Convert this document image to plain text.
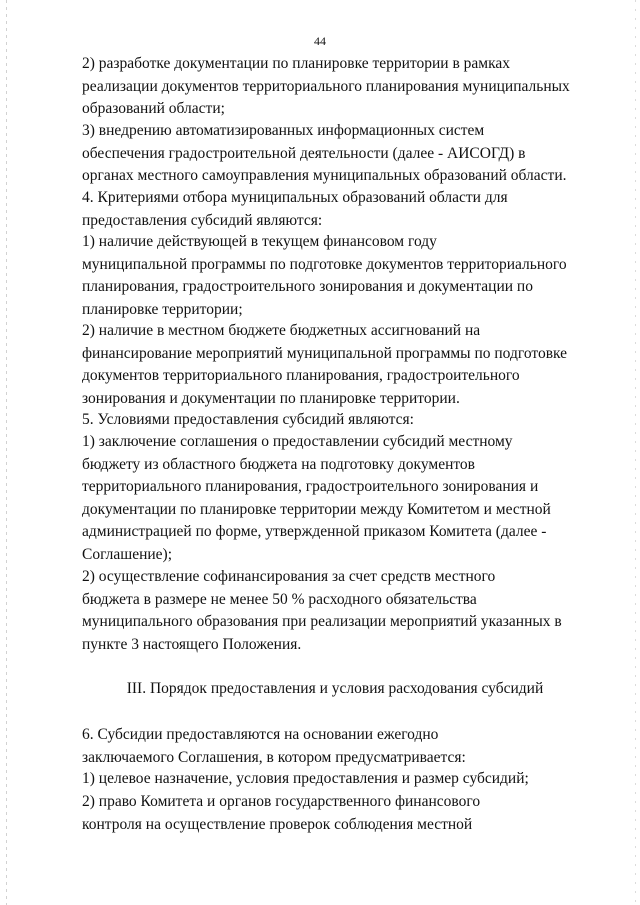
44
2) разработке документации по планировке территории в рамках
реализации документов территориального планирования муниципальных
образований области;
3) внедрению автоматизированных информационных систем
обеспечения градостроительной деятельности (далее - АИСОГД) в
органах местного самоуправления муниципальных образований области.
4. Критериями отбора муниципальных образований области для
предоставления субсидий являются:
1) наличие действующей в текущем финансовом году
муниципальной программы по подготовке документов территориального
планирования, градостроительного зонирования и документации по
планировке территории;
2) наличие в местном бюджете бюджетных ассигнований на
финансирование мероприятий муниципальной программы по подготовке
документов территориального планирования, градостроительного
зонирования и документации по планировке территории.
5. Условиями предоставления субсидий являются:
1) заключение соглашения о предоставлении субсидий местному
бюджету из областного бюджета на подготовку документов
территориального планирования, градостроительного зонирования и
документации по планировке территории между Комитетом и местной
администрацией по форме, утвержденной приказом Комитета (далее -
Соглашение);
2) осуществление софинансирования за счет средств местного
бюджета в размере не менее 50 % расходного обязательства
муниципального образования при реализации мероприятий указанных в
пункте 3 настоящего Положения.
III. Порядок предоставления и условия расходования субсидий
6. Субсидии предоставляются на основании ежегодно
заключаемого Соглашения, в котором предусматривается:
1) целевое назначение, условия предоставления и размер субсидий;
2) право Комитета и органов государственного финансового
контроля на осуществление проверок соблюдения местной
